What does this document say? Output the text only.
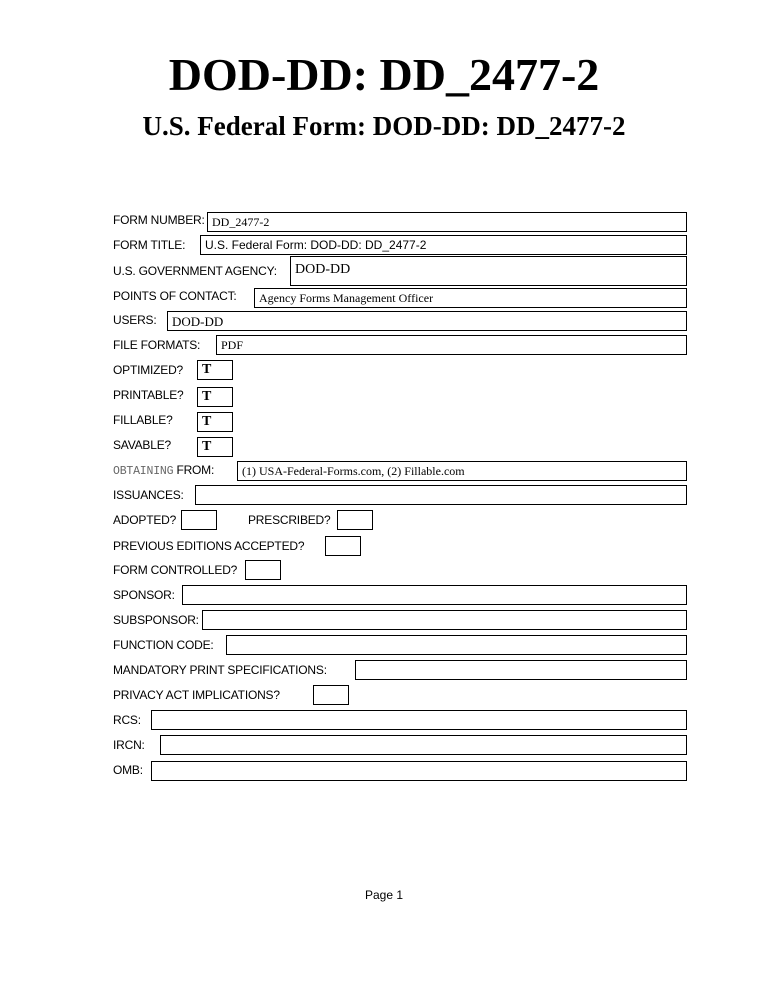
DOD-DD: DD_2477-2
U.S. Federal Form: DOD-DD: DD_2477-2
FORM NUMBER: DD_2477-2
FORM TITLE: U.S. Federal Form: DOD-DD: DD_2477-2
U.S. GOVERNMENT AGENCY: DOD-DD
POINTS OF CONTACT: Agency Forms Management Officer
USERS: DOD-DD
FILE FORMATS: PDF
OPTIMIZED? T
PRINTABLE? T
FILLABLE? T
SAVABLE? T
OBTAINING FROM: (1) USA-Federal-Forms.com, (2) Fillable.com
ISSUANCES:
ADOPTED?	PRESCRIBED?
PREVIOUS EDITIONS ACCEPTED?
FORM CONTROLLED?
SPONSOR:
SUBSPONSOR:
FUNCTION CODE:
MANDATORY PRINT SPECIFICATIONS:
PRIVACY ACT IMPLICATIONS?
RCS:
IRCN:
OMB:
Page 1
